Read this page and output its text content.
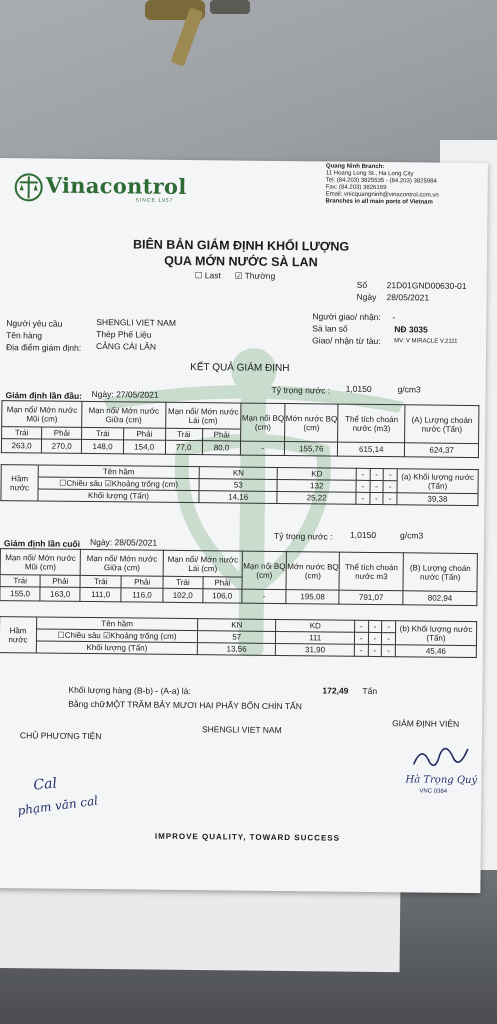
Vinacontrol
SINCE 1957
Quang Ninh Branch:
11 Hoang Long St., Ha Long City
Tel: (84.203) 3825535 - (84.203) 3825984
Fax: (84.203) 3826169
Email: vnicquangninh@vinacontrol.com.vn
Branches in all main ports of Vietnam
BIÊN BẢN GIÁM ĐỊNH KHỐI LƯỢNG
QUA MỚN NƯỚC SÀ LAN
☐ Last ☑ Thường
Số 21D01GND00630-01
Ngày 28/05/2021
Người yêu cầu	SHENGLI VIET NAM
Tên hàng	Thép Phế Liệu
Địa điểm giám định: CẢNG CÁI LÂN
Người giao/ nhận: -
Sà lan số	NĐ 3035
Giao/ nhận từ tàu: MV. V MIRACLE V.2111
KẾT QUẢ GIÁM ĐỊNH
Giám định lần đầu: Ngày: 27/05/2021	Tỷ trọng nước : 1,0150	g/cm3
Mạn nổi/ Mớn nước Mũi (cm)		Mạn nổi/ Mớn nước Giữa (cm)		Mạn nổi/ Mớn nước Lái (cm)		Mạn nổi BQ (cm)	Mớn nước BQ (cm)	Thể tích choán nước (m3)	(A) Lượng choán nước (Tấn)
Trái	Phải	Trái	Phải	Trái	Phải				
263,0	270,0	148,0	154,0	77,0	80,0	-	155,76	615,14	624,37
Hầm nước	Tên hầm	KN	KD	-	-	-	(a) Khối lượng nước (Tấn)
	☐Chiều sâu ☑Khoảng trống (cm)	53	132	-	-	-	
	Khối lượng (Tấn)	14,16	25,22	-	-	-	39,38
Giám định lần cuối Ngày: 28/05/2021
Tỷ trọng nước : 1,0150	g/cm3
Mạn nổi/ Mớn nước Mũi (cm)		Mạn nổi/ Mớn nước Giữa (cm)		Mạn nổi/ Mớn nước Lái (cm)		Mạn nổi BQ (cm)	Mớn nước BQ (cm)	Thể tích choán nước m3	(B) Lượng choán nước (Tấn)
Trái	Phải	Trái	Phải	Trái	Phải				
155,0	163,0	111,0	116,0	102,0	106,0	-	195,08	791,07	802,94
Hầm nước	Tên hầm	KN	KD	-	-	-	(b) Khối lượng nước (Tấn)
	☐Chiều sâu ☑Khoảng trống (cm)	57	111	-	-	-	
	Khối lượng (Tấn)	13,56	31,90	-	-	-	45,46
Khối lượng hàng (B-b) - (A-a) là:	172,49 Tấn
Bằng chữ:
MỘT TRĂM BẢY MƯƠI HAI PHẨY BỐN CHÍN TẤN
CHỦ PHƯƠNG TIỆN
SHENGLI VIET NAM
GIÁM ĐỊNH VIÊN
Cal
phạm văn cal
Hà Trọng Quý
VNC 0384
IMPROVE QUALITY, TOWARD SUCCESS
